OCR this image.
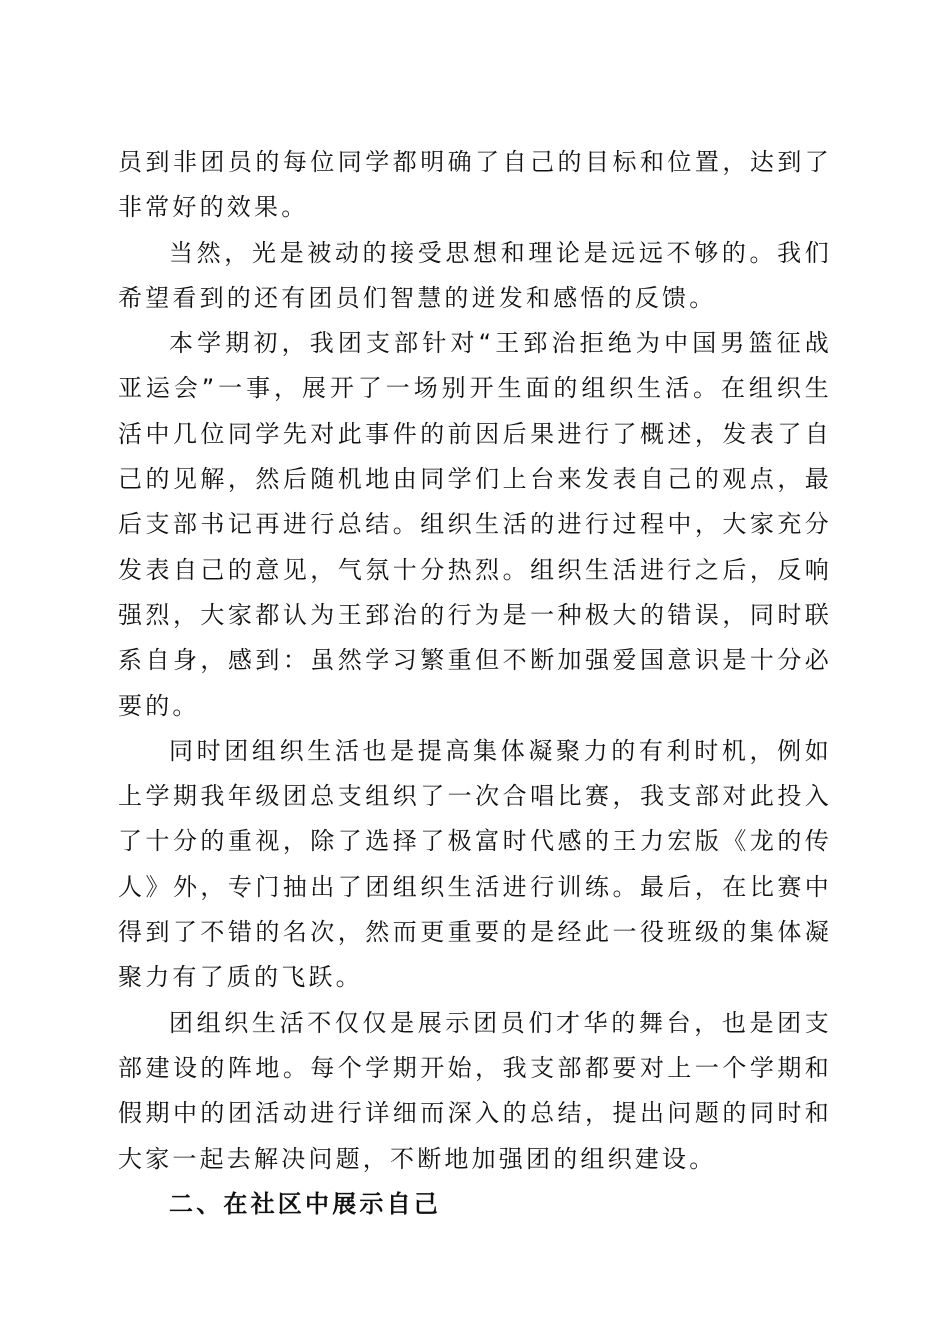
员到非团员的每位同学都明确了自己的目标和位置，达到了非常好的效果。

当然，光是被动的接受思想和理论是远远不够的。我们希望看到的还有团员们智慧的迸发和感悟的反馈。

本学期初，我团支部针对“王郅治拒绝为中国男篮征战亚运会”一事，展开了一场别开生面的组织生活。在组织生活中几位同学先对此事件的前因后果进行了概述，发表了自己的见解，然后随机地由同学们上台来发表自己的观点，最后支部书记再进行总结。组织生活的进行过程中，大家充分发表自己的意见，气氛十分热烈。组织生活进行之后，反响强烈，大家都认为王郅治的行为是一种极大的错误，同时联系自身，感到：虽然学习繁重但不断加强爱国意识是十分必要的。

同时团组织生活也是提高集体凝聚力的有利时机，例如上学期我年级团总支组织了一次合唱比赛，我支部对此投入了十分的重视，除了选择了极富时代感的王力宏版《龙的传人》外，专门抽出了团组织生活进行训练。最后，在比赛中得到了不错的名次，然而更重要的是经此一役班级的集体凝聚力有了质的飞跃。

团组织生活不仅仅是展示团员们才华的舞台，也是团支部建设的阵地。每个学期开始，我支部都要对上一个学期和假期中的团活动进行详细而深入的总结，提出问题的同时和大家一起去解决问题，不断地加强团的组织建设。

二、在社区中展示自己
